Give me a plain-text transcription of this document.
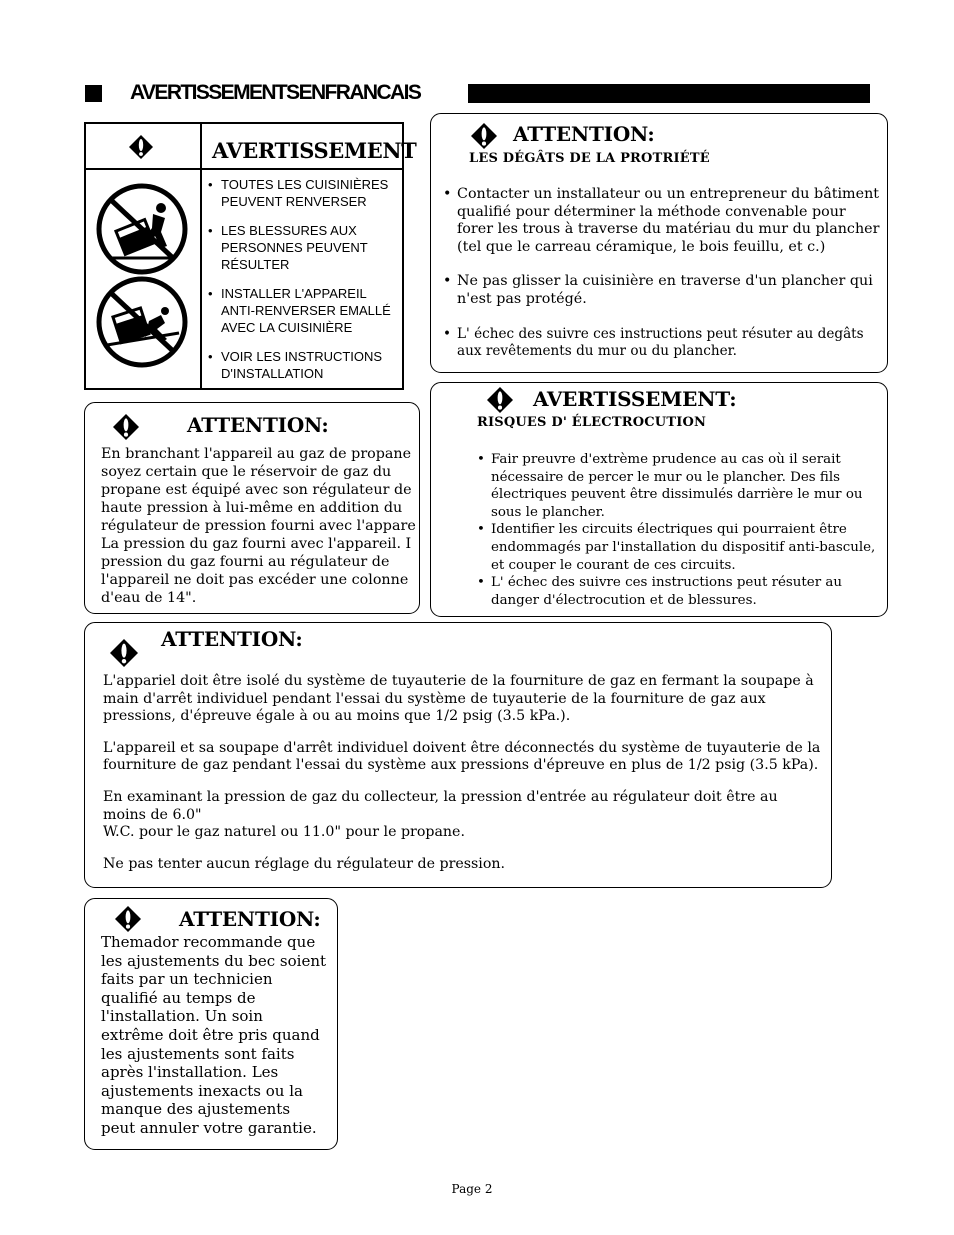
AVERTISSEMENTSENFRANCAIS
AVERTISSEMENT
• TOUTES LES CUISINIÈRES PEUVENT RENVERSER
• LES BLESSURES AUX PERSONNES PEUVENT RÉSULTER
• INSTALLER L'APPAREIL ANTI-RENVERSER EMALLÉ AVEC LA CUISINIÈRE
• VOIR LES INSTRUCTIONS D'INSTALLATION
ATTENTION:
LES DÉGÂTS DE LA PROTRIÉTÉ
• Contacter un installateur ou un entrepreneur du bâtiment qualifié pour déterminer la méthode convenable pour forer les trous à traverse du matériau du mur du plancher (tel que le carreau céramique, le bois feuillu, et c.)
• Ne pas glisser la cuisinière en traverse d'un plancher qui n'est pas protégé.
• L' échec des suivre ces instructions peut résuter au degâts aux revêtements du mur ou du plancher.
AVERTISSEMENT:
RISQUES D' ÉLECTROCUTION
• Fair preuvre d'extrème prudence au cas où il serait nécessaire de percer le mur ou le plancher. Des fils électriques peuvent être dissimulés darrière le mur ou sous le plancher.
• Identifier les circuits électriques qui pourraient être endommagés par l'installation du dispositif anti-bascule, et couper le courant de ces circuits.
• L' échec des suivre ces instructions peut résuter au danger d'électrocution et de blessures.
ATTENTION:
En branchant l'appareil au gaz de propane
soyez certain que le réservoir de gaz du
propane est équipé avec son régulateur de
haute pression à lui-même en addition du
régulateur de pression fourni avec l'appare
La pression du gaz fourni avec l'appareil. I
pression du gaz fourni au régulateur de
l'appareil ne doit pas excéder une colonne
d'eau de 14".
ATTENTION:

L'appariel doit être isolé du système de tuyauterie de la fourniture de gaz en fermant la soupape à main d'arrêt individuel pendant l'essai du système de tuyauterie de la fourniture de gaz aux pressions, d'épreuve égale à ou au moins que 1/2 psig (3.5 kPa.).

L'appareil et sa soupape d'arrêt individuel doivent être déconnectés du système de tuyauterie de la fourniture de gaz pendant l'essai du système aux pressions d'épreuve en plus de 1/2 psig (3.5 kPa).

En examinant la pression de gaz du collecteur, la pression d'entrée au régulateur doit être au moins de 6.0"

W.C. pour le gaz naturel ou 11.0" pour le propane.

Ne pas tenter aucun réglage du régulateur de pression.

ATTENTION:
Themador recommande que
les ajustements du bec soient
faits par un technicien
qualifié au temps de
l'installation. Un soin
extrême doit être pris quand
les ajustements sont faits
après l'installation. Les
ajustements inexacts ou la
manque des ajustements
peut annuler votre garantie.
Page 2
